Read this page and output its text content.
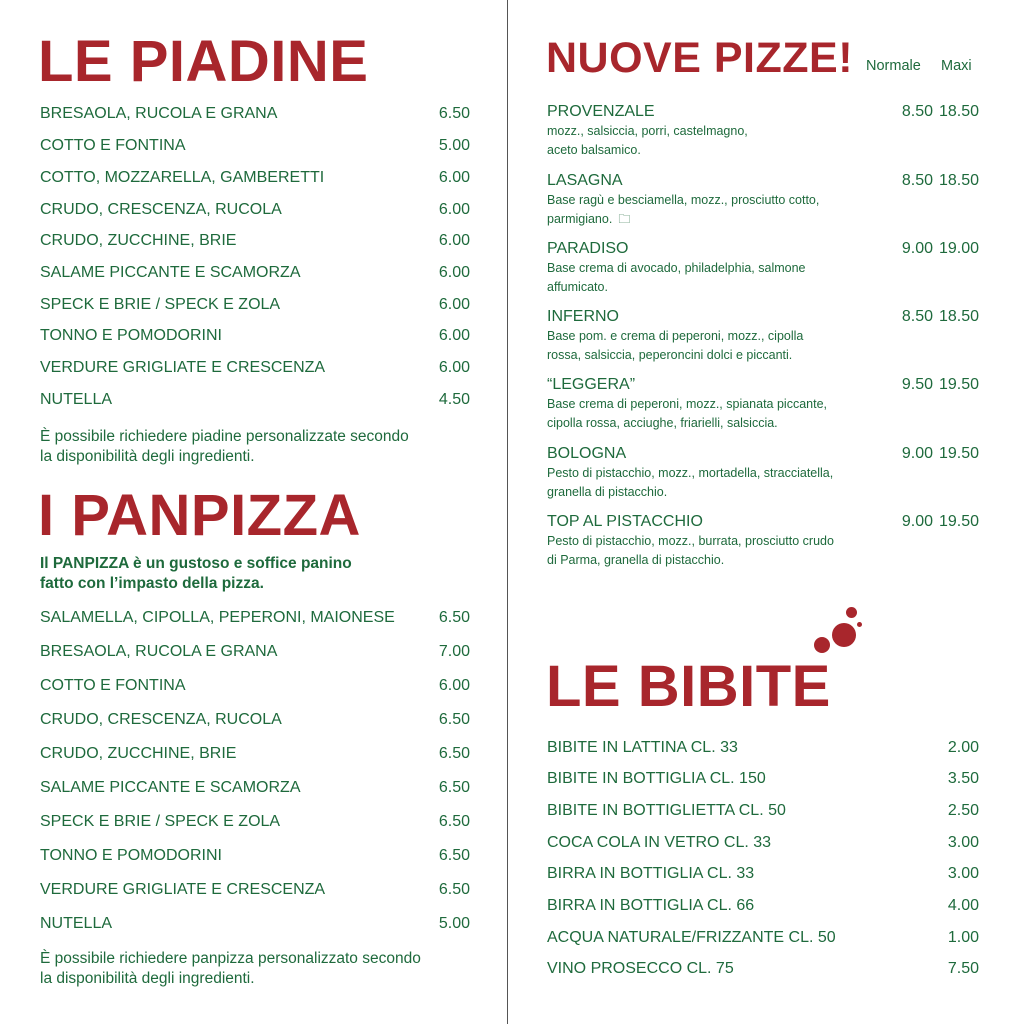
LE PIADINE
BRESAOLA, RUCOLA E GRANA	6.50
COTTO E FONTINA	5.00
COTTO, MOZZARELLA, GAMBERETTI	6.00
CRUDO, CRESCENZA, RUCOLA	6.00
CRUDO, ZUCCHINE, BRIE	6.00
SALAME PICCANTE E SCAMORZA	6.00
SPECK E BRIE / SPECK E ZOLA	6.00
TONNO E POMODORINI	6.00
VERDURE GRIGLIATE E CRESCENZA	6.00
NUTELLA	4.50
È possibile richiedere piadine personalizzate secondo
la disponibilità degli ingredienti.
I PANPIZZA
Il PANPIZZA è un gustoso e soffice panino
fatto con l’impasto della pizza.
SALAMELLA, CIPOLLA, PEPERONI, MAIONESE	6.50
BRESAOLA, RUCOLA E GRANA	7.00
COTTO E FONTINA	6.00
CRUDO, CRESCENZA, RUCOLA	6.50
CRUDO, ZUCCHINE, BRIE	6.50
SALAME PICCANTE E SCAMORZA	6.50
SPECK E BRIE / SPECK E ZOLA	6.50
TONNO E POMODORINI	6.50
VERDURE GRIGLIATE E CRESCENZA	6.50
NUTELLA	5.00
È possibile richiedere panpizza personalizzato secondo
la disponibilità degli ingredienti.
NUOVE PIZZE! Normale Maxi
PROVENZALE
mozz., salsiccia, porri, castelmagno,
aceto balsamico.
8.50 18.50
LASAGNA
Base ragù e besciamella, mozz., prosciutto cotto,
parmigiano. 🗀
8.50 18.50
PARADISO
Base crema di avocado, philadelphia, salmone
affumicato.
9.00 19.00
INFERNO
Base pom. e crema di peperoni, mozz., cipolla
rossa, salsiccia, peperoncini dolci e piccanti.
8.50 18.50
“LEGGERA”
Base crema di peperoni, mozz., spianata piccante,
cipolla rossa, acciughe, friarielli, salsiccia.
9.50 19.50
BOLOGNA
Pesto di pistacchio, mozz., mortadella, stracciatella,
granella di pistacchio.
9.00 19.50
TOP AL PISTACCHIO
Pesto di pistacchio, mozz., burrata, prosciutto crudo
di Parma, granella di pistacchio.
9.00 19.50
LE BIBITE
BIBITE IN LATTINA CL. 33	2.00
BIBITE IN BOTTIGLIA CL. 150	3.50
BIBITE IN BOTTIGLIETTA CL. 50	2.50
COCA COLA IN VETRO CL. 33	3.00
BIRRA IN BOTTIGLIA CL. 33	3.00
BIRRA IN BOTTIGLIA CL. 66	4.00
ACQUA NATURALE/FRIZZANTE CL. 50	1.00
VINO PROSECCO CL. 75	7.50
